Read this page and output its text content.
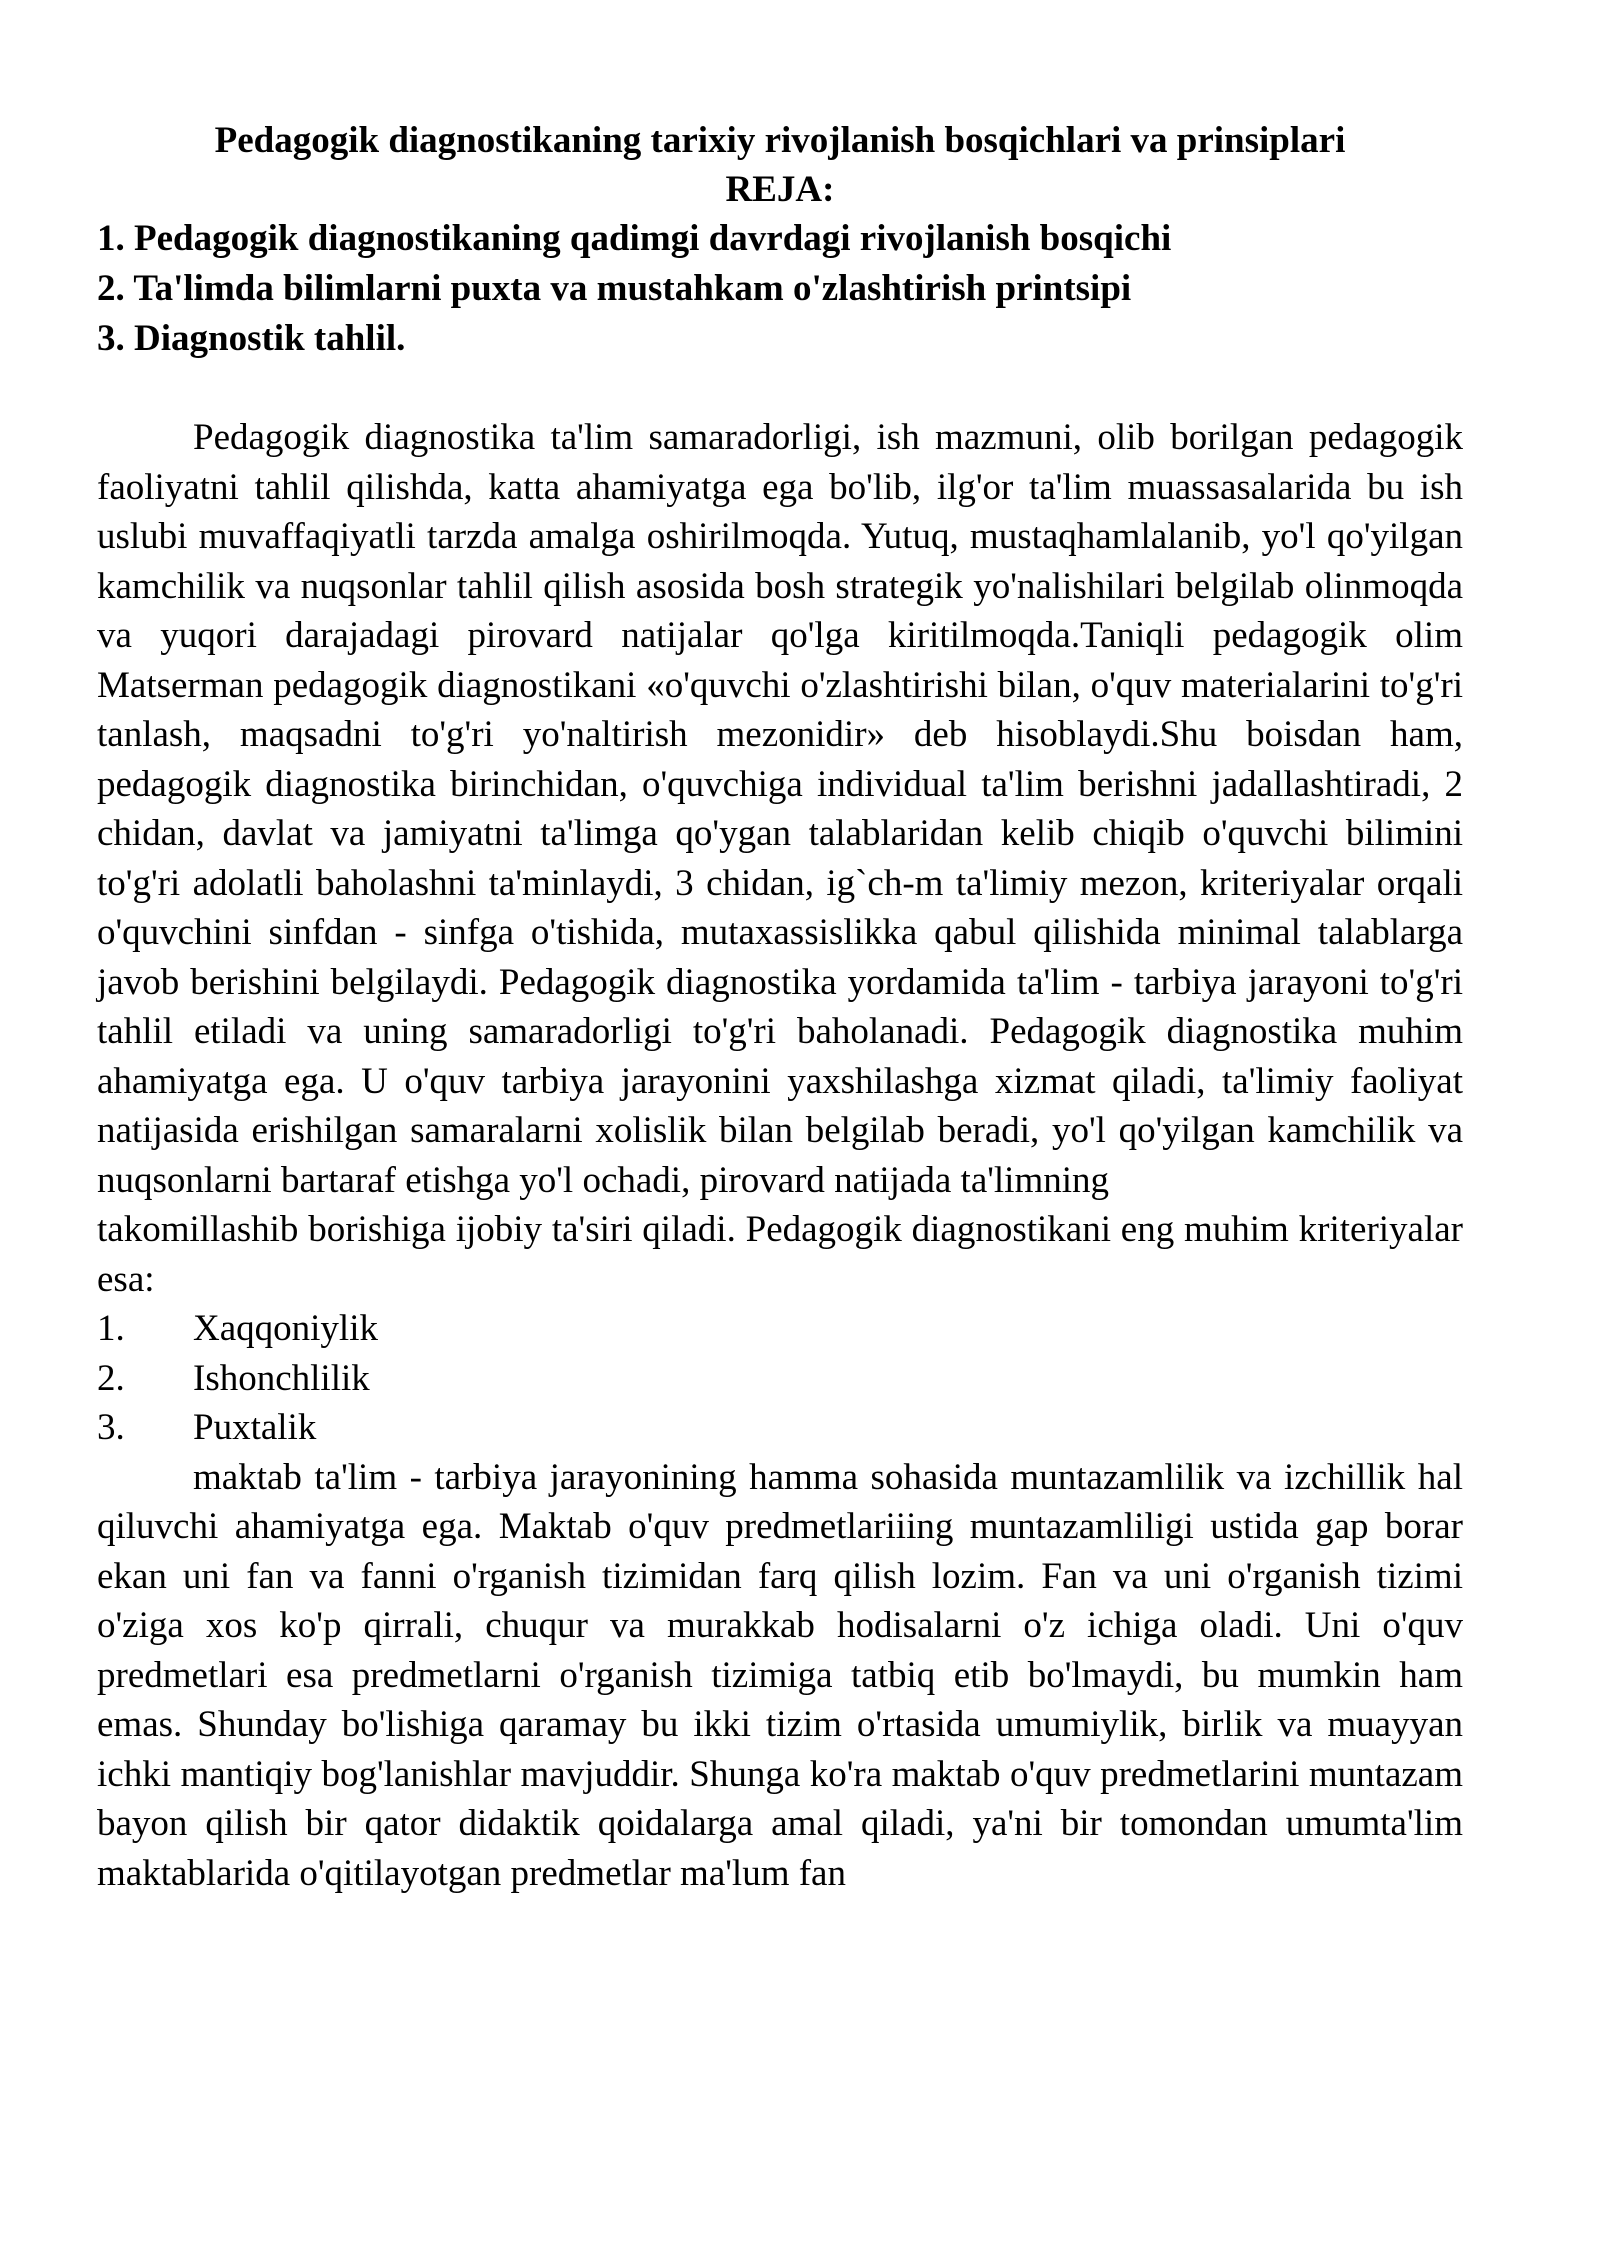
Pedagogik diagnostikaning tarixiy rivojlanish bosqichlari va prinsiplari
REJA:
1. Pedagogik diagnostikaning qadimgi davrdagi rivojlanish bosqichi
2. Ta'limda bilimlarni puxta va mustahkam o'zlashtirish printsipi
3. Diagnostik tahlil.

Pedagogik diagnostika ta'lim samaradorligi, ish mazmuni, olib borilgan pedagogik faoliyatni tahlil qilishda, katta ahamiyatga ega bo'lib, ilg'or ta'lim muassasalarida bu ish uslubi muvaffaqiyatli tarzda amalga oshirilmoqda. Yutuq, mustaqhamlalanib, yo'l qo'yilgan kamchilik va nuqsonlar tahlil qilish asosida bosh strategik yo'nalishilari belgilab olinmoqda va yuqori darajadagi pirovard natijalar qo'lga kiritilmoqda.Taniqli pedagogik olim Matserman pedagogik diagnostikani «o'quvchi o'zlashtirishi bilan, o'quv materialarini to'g'ri tanlash, maqsadni to'g'ri yo'naltirish mezonidir» deb hisoblaydi.Shu boisdan ham, pedagogik diagnostika birinchidan, o'quvchiga individual ta'lim berishni jadallashtiradi, 2 chidan, davlat va jamiyatni ta'limga qo'ygan talablaridan kelib chiqib o'quvchi bilimini to'g'ri adolatli baholashni ta'minlaydi, 3 chidan, ig`ch-m ta'limiy mezon, kriteriyalar orqali o'quvchini sinfdan - sinfga o'tishida, mutaxassislikka qabul qilishida minimal talablarga javob berishini belgilaydi. Pedagogik diagnostika yordamida ta'lim - tarbiya jarayoni to'g'ri tahlil etiladi va uning samaradorligi to'g'ri baholanadi. Pedagogik diagnostika muhim ahamiyatga ega. U o'quv tarbiya jarayonini yaxshilashga xizmat qiladi, ta'limiy faoliyat natijasida erishilgan samaralarni xolislik bilan belgilab beradi, yo'l qo'yilgan kamchilik va nuqsonlarni bartaraf etishga yo'l ochadi, pirovard natijada ta'limning

takomillashib borishiga ijobiy ta'siri qiladi. Pedagogik diagnostikani eng muhim kriteriyalar esa:

1.	Xaqqoniylik
2.	Ishonchlilik
3.	Puxtalik

maktab ta'lim - tarbiya jarayonining hamma sohasida muntazamlilik va izchillik hal qiluvchi ahamiyatga ega. Maktab o'quv predmetlariiing muntazamliligi ustida gap borar ekan uni fan va fanni o'rganish tizimidan farq qilish lozim. Fan va uni o'rganish tizimi o'ziga xos ko'p qirrali, chuqur va murakkab hodisalarni o'z ichiga oladi. Uni o'quv predmetlari esa predmetlarni o'rganish tizimiga tatbiq etib bo'lmaydi, bu mumkin ham emas. Shunday bo'lishiga qaramay bu ikki tizim o'rtasida umumiylik, birlik va muayyan ichki mantiqiy bog'lanishlar mavjuddir. Shunga ko'ra maktab o'quv predmetlarini muntazam bayon qilish bir qator didaktik qoidalarga amal qiladi, ya'ni bir tomondan umumta'lim maktablarida o'qitilayotgan predmetlar ma'lum fan
